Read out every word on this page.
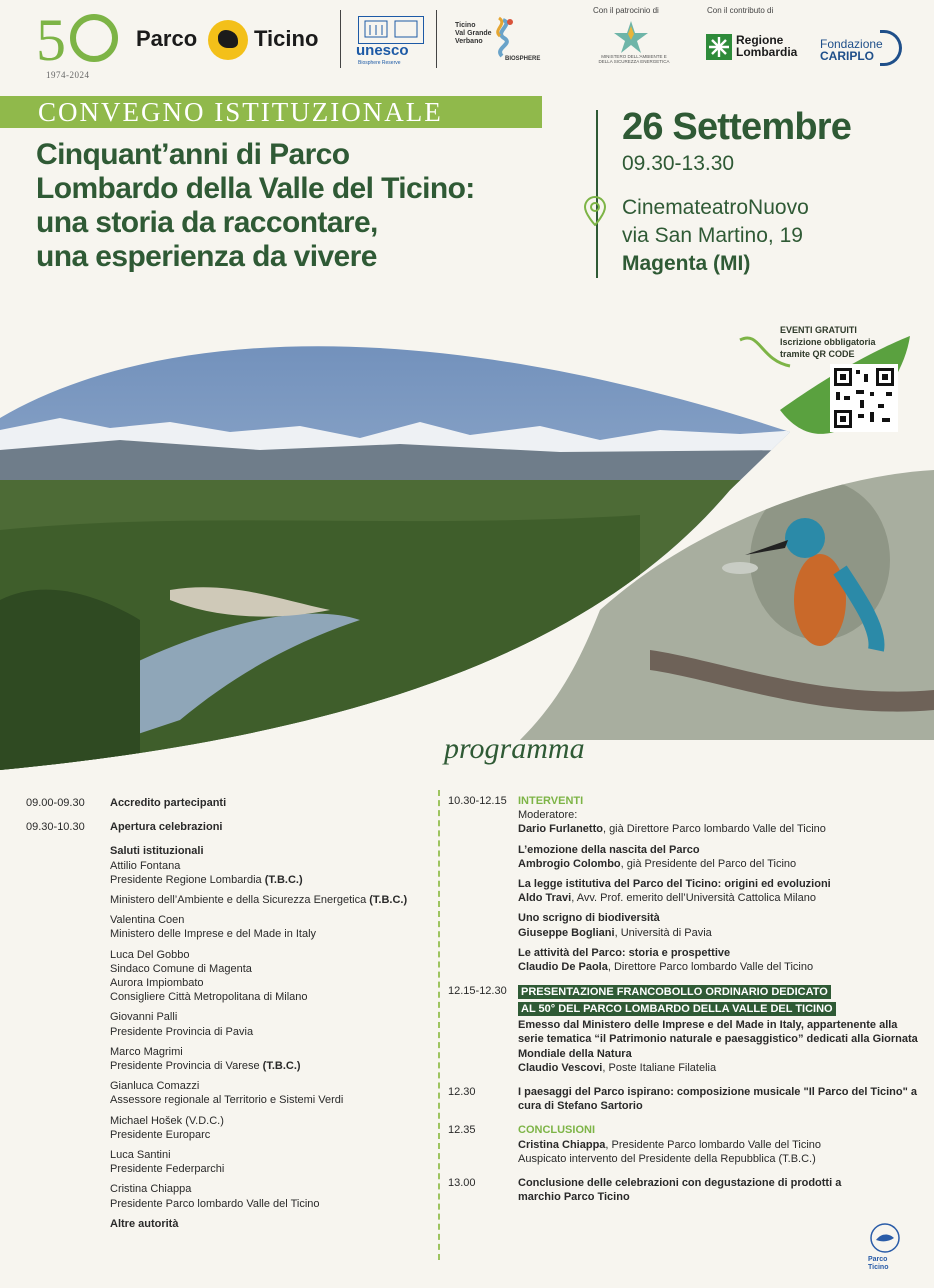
5
1974-2024
Parco	Ticino	unesco
Biosphere Reserve
Ticino
Val Grande
Verbano
BIOSPHERE
Con il patrocinio di
MINISTERO DELL'AMBIENTE E DELLA SICUREZZA ENERGETICA
Con il contributo di
Regione
Lombardia
Fondazione
CARIPLO
CONVEGNO ISTITUZIONALE
Cinquant’anni di Parco
Lombardo della Valle del Ticino:
una storia da raccontare,
una esperienza da vivere
26 Settembre
09.30-13.30
CinemateatroNuovo
via San Martino, 19
Magenta (MI)
EVENTI GRATUITI
Iscrizione obbligatoria
tramite QR CODE
programma
09.00-09.30	Accredito partecipanti
09.30-10.30	Apertura celebrazioni
Saluti istituzionali
Attilio Fontana
Presidente Regione Lombardia (T.B.C.)
Ministero dell’Ambiente e della Sicurezza Energetica (T.B.C.)
Valentina Coen
Ministero delle Imprese e del Made in Italy
Luca Del Gobbo
Sindaco Comune di Magenta
Aurora Impiombato
Consigliere Città Metropolitana di Milano
Giovanni Palli
Presidente Provincia di Pavia
Marco Magrimi
Presidente Provincia di Varese (T.B.C.)
Gianluca Comazzi
Assessore regionale al Territorio e Sistemi Verdi
Michael Hošek (V.D.C.)
Presidente Europarc
Luca Santini
Presidente Federparchi
Cristina Chiappa
Presidente Parco lombardo Valle del Ticino
Altre autorità
10.30-12.15	INTERVENTI
Moderatore:
Dario Furlanetto, già Direttore Parco lombardo Valle del Ticino
L’emozione della nascita del Parco
Ambrogio Colombo, già Presidente del Parco del Ticino
La legge istitutiva del Parco del Ticino: origini ed evoluzioni
Aldo Travi, Avv. Prof. emerito dell’Università Cattolica Milano
Uno scrigno di biodiversità
Giuseppe Bogliani, Università di Pavia
Le attività del Parco: storia e prospettive
Claudio De Paola, Direttore Parco lombardo Valle del Ticino
12.15-12.30	PRESENTAZIONE FRANCOBOLLO ORDINARIO DEDICATO
AL 50° DEL PARCO LOMBARDO DELLA VALLE DEL TICINO
Emesso dal Ministero delle Imprese e del Made in Italy, appartenente alla serie tematica “il Patrimonio naturale e paesaggistico” dedicati alla Giornata Mondiale della Natura
Claudio Vescovi, Poste Italiane Filatelia
12.30	I paesaggi del Parco ispirano: composizione musicale "Il Parco del Ticino" a cura di Stefano Sartorio
12.35	CONCLUSIONI
Cristina Chiappa, Presidente Parco lombardo Valle del Ticino
Auspicato intervento del Presidente della Repubblica (T.B.C.)
13.00	Conclusione delle celebrazioni con degustazione di prodotti a marchio Parco Ticino
Parco
Ticino
